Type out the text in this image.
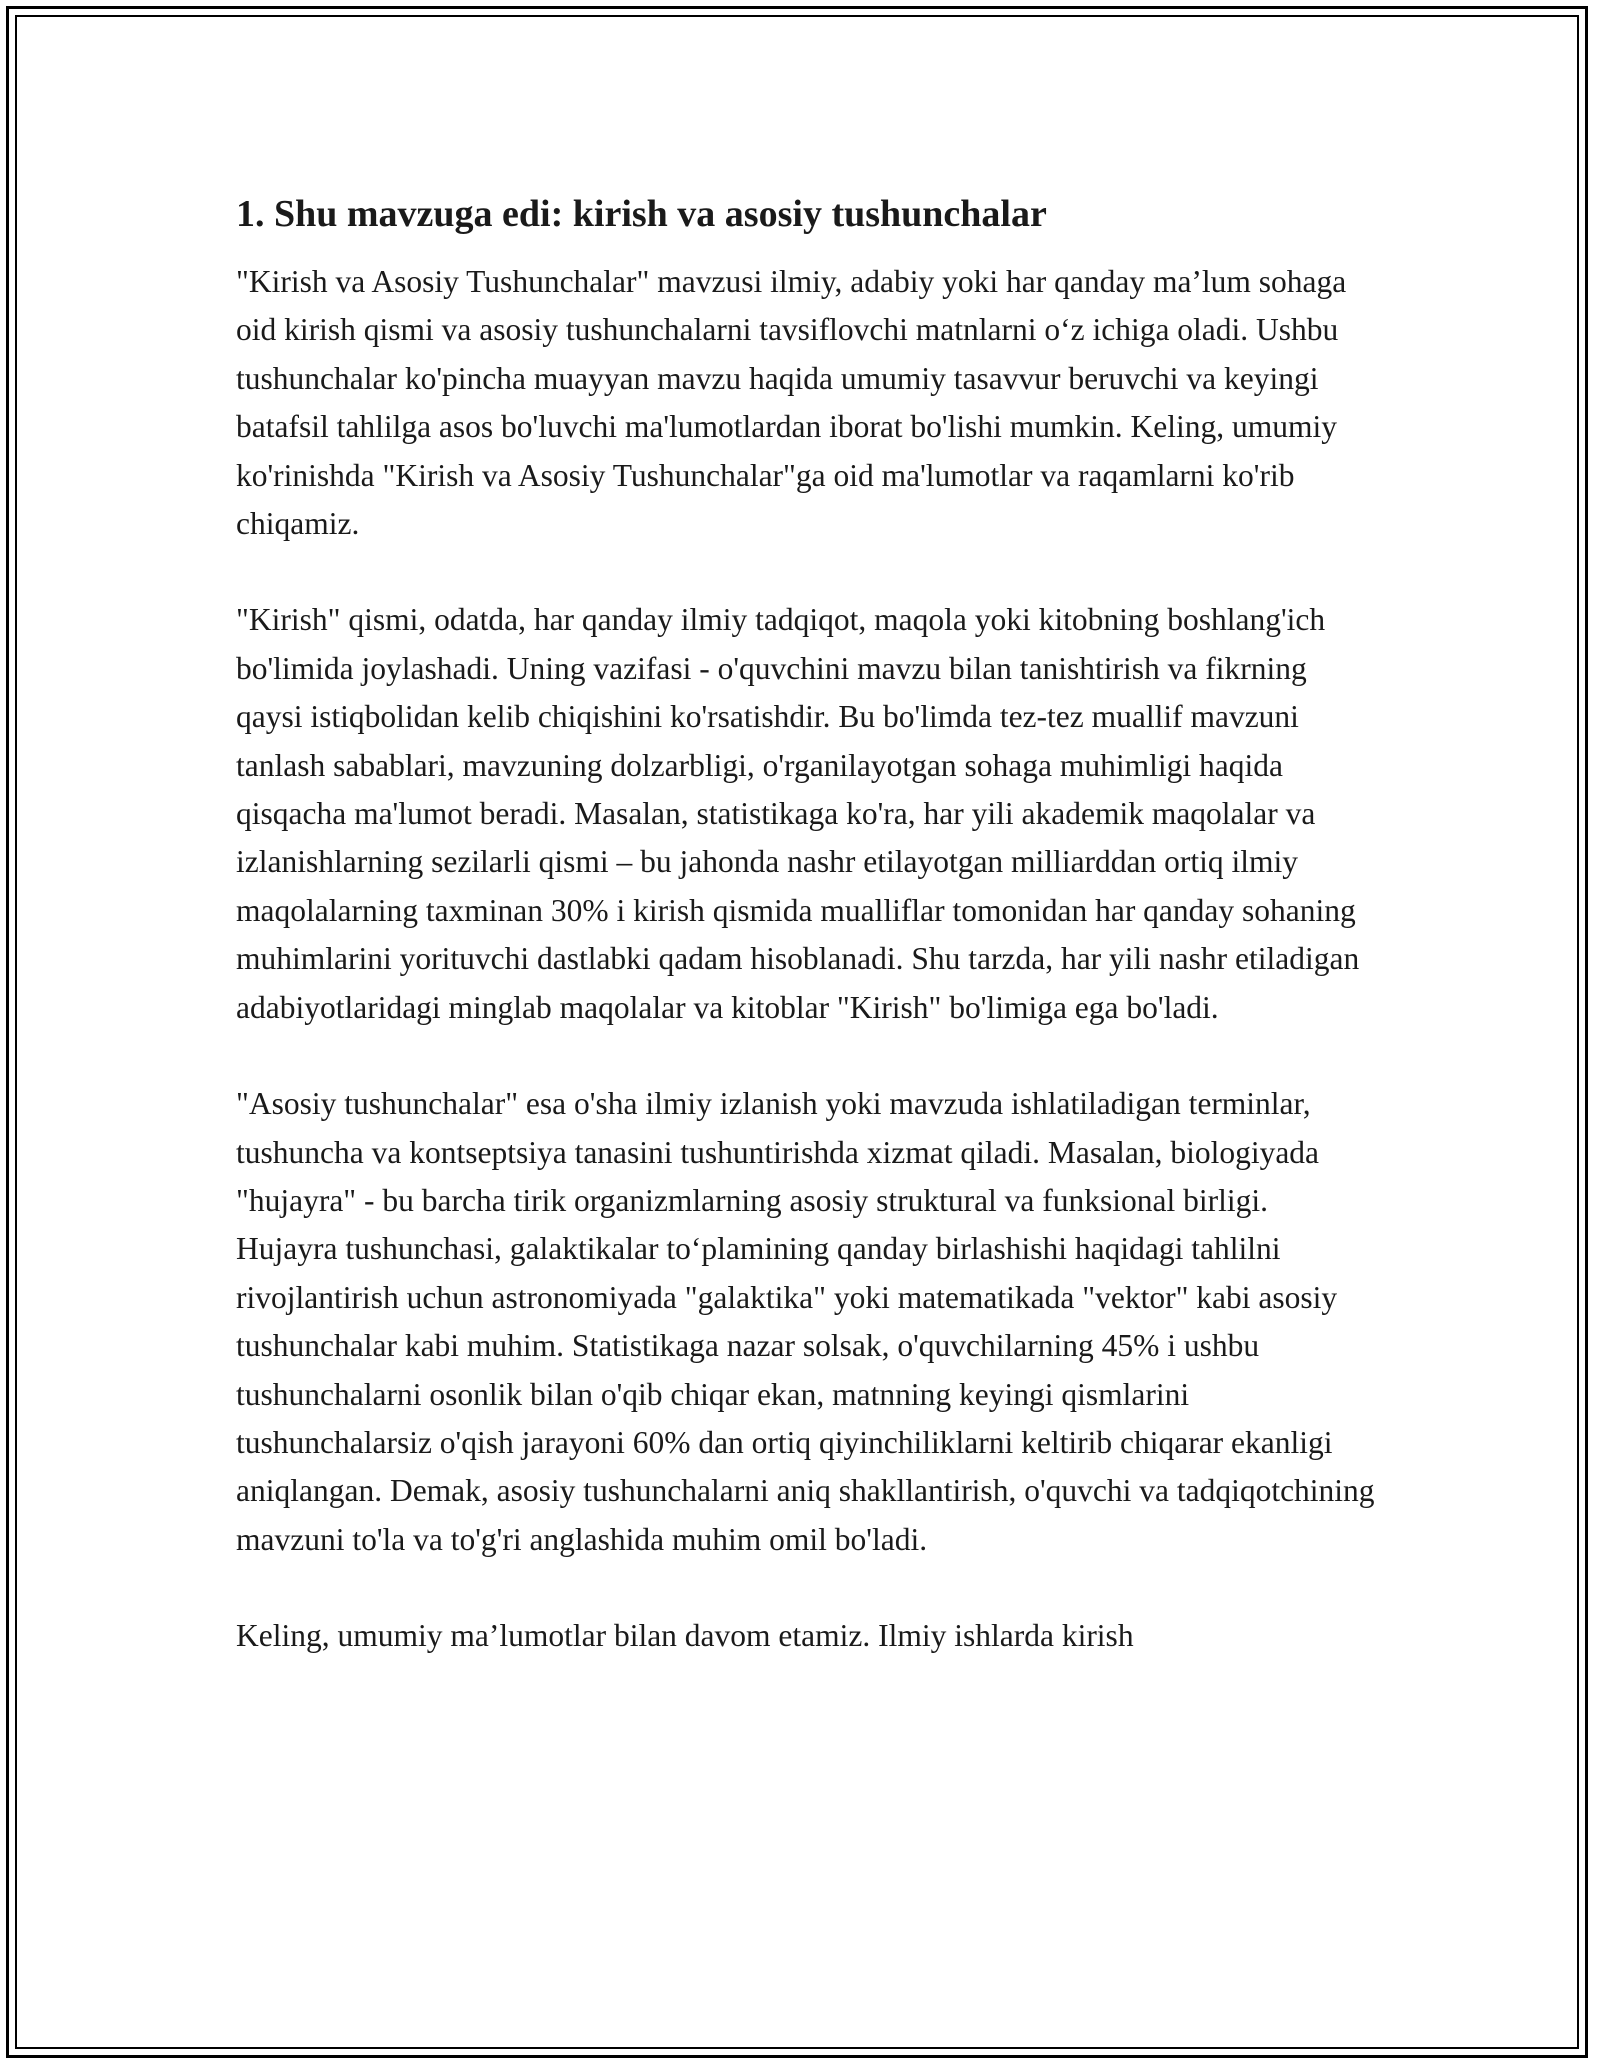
1. Shu mavzuga edi: kirish va asosiy tushunchalar

"Kirish va Asosiy Tushunchalar" mavzusi ilmiy, adabiy yoki har qanday ma’lum sohaga oid kirish qismi va asosiy tushunchalarni tavsiflovchi matnlarni o‘z ichiga oladi. Ushbu tushunchalar ko'pincha muayyan mavzu haqida umumiy tasavvur beruvchi va keyingi batafsil tahlilga asos bo'luvchi ma'lumotlardan iborat bo'lishi mumkin. Keling, umumiy ko'rinishda "Kirish va Asosiy Tushunchalar"ga oid ma'lumotlar va raqamlarni ko'rib chiqamiz.

"Kirish" qismi, odatda, har qanday ilmiy tadqiqot, maqola yoki kitobning boshlang'ich bo'limida joylashadi. Uning vazifasi - o'quvchini mavzu bilan tanishtirish va fikrning qaysi istiqbolidan kelib chiqishini ko'rsatishdir. Bu bo'limda tez-tez muallif mavzuni tanlash sabablari, mavzuning dolzarbligi, o'rganilayotgan sohaga muhimligi haqida qisqacha ma'lumot beradi. Masalan, statistikaga ko'ra, har yili akademik maqolalar va izlanishlarning sezilarli qismi – bu jahonda nashr etilayotgan milliarddan ortiq ilmiy maqolalarning taxminan 30% i kirish qismida mualliflar tomonidan har qanday sohaning muhimlarini yorituvchi dastlabki qadam hisoblanadi. Shu tarzda, har yili nashr etiladigan adabiyotlaridagi minglab maqolalar va kitoblar "Kirish" bo'limiga ega bo'ladi.

"Asosiy tushunchalar" esa o'sha ilmiy izlanish yoki mavzuda ishlatiladigan terminlar, tushuncha va kontseptsiya tanasini tushuntirishda xizmat qiladi. Masalan, biologiyada "hujayra" - bu barcha tirik organizmlarning asosiy struktural va funksional birligi. Hujayra tushunchasi, galaktikalar to‘plamining qanday birlashishi haqidagi tahlilni rivojlantirish uchun astronomiyada "galaktika" yoki matematikada "vektor" kabi asosiy tushunchalar kabi muhim. Statistikaga nazar solsak, o'quvchilarning 45% i ushbu tushunchalarni osonlik bilan o'qib chiqar ekan, matnning keyingi qismlarini tushunchalarsiz o'qish jarayoni 60% dan ortiq qiyinchiliklarni keltirib chiqarar ekanligi aniqlangan. Demak, asosiy tushunchalarni aniq shakllantirish, o'quvchi va tadqiqotchining mavzuni to'la va to'g'ri anglashida muhim omil bo'ladi.

Keling, umumiy ma’lumotlar bilan davom etamiz. Ilmiy ishlarda kirish
